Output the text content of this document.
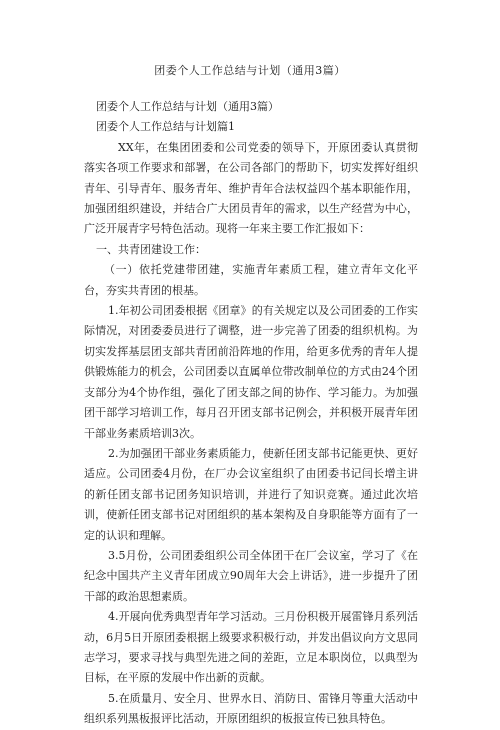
团委个人工作总结与计划（通用3篇）

团委个人工作总结与计划（通用3篇）

团委个人工作总结与计划篇1

XX年，在集团团委和公司党委的领导下，开原团委认真贯彻落实各项工作要求和部署，在公司各部门的帮助下，切实发挥好组织青年、引导青年、服务青年、维护青年合法权益四个基本职能作用，加强团组织建设，并结合广大团员青年的需求，以生产经营为中心，广泛开展青字号特色活动。现将一年来主要工作汇报如下：

一、共青团建设工作：

（一）依托党建带团建，实施青年素质工程，建立青年文化平台，夯实共青团的根基。

1.年初公司团委根据《团章》的有关规定以及公司团委的工作实际情况，对团委委员进行了调整，进一步完善了团委的组织机构。为切实发挥基层团支部共青团前沿阵地的作用，给更多优秀的青年人提供锻炼能力的机会，公司团委以直属单位带改制单位的方式由24个团支部分为4个协作组，强化了团支部之间的协作、学习能力。为加强团干部学习培训工作，每月召开团支部书记例会，并积极开展青年团干部业务素质培训3次。

2.为加强团干部业务素质能力，使新任团支部书记能更快、更好适应。公司团委4月份，在厂办会议室组织了由团委书记闫长增主讲的新任团支部书记团务知识培训，并进行了知识竞赛。通过此次培训，使新任团支部书记对团组织的基本架构及自身职能等方面有了一定的认识和理解。

3.5月份，公司团委组织公司全体团干在厂会议室，学习了《在纪念中国共产主义青年团成立90周年大会上讲话》，进一步提升了团干部的政治思想素质。

4.开展向优秀典型青年学习活动。三月份积极开展雷锋月系列活动，6月5日开原团委根据上级要求积极行动，并发出倡议向方文思同志学习，要求寻找与典型先进之间的差距，立足本职岗位，以典型为目标，在平原的发展中作出新的贡献。

5.在质量月、安全月、世界水日、消防日、雷锋月等重大活动中组织系列黑板报评比活动，开原团组织的板报宣传已独具特色。
